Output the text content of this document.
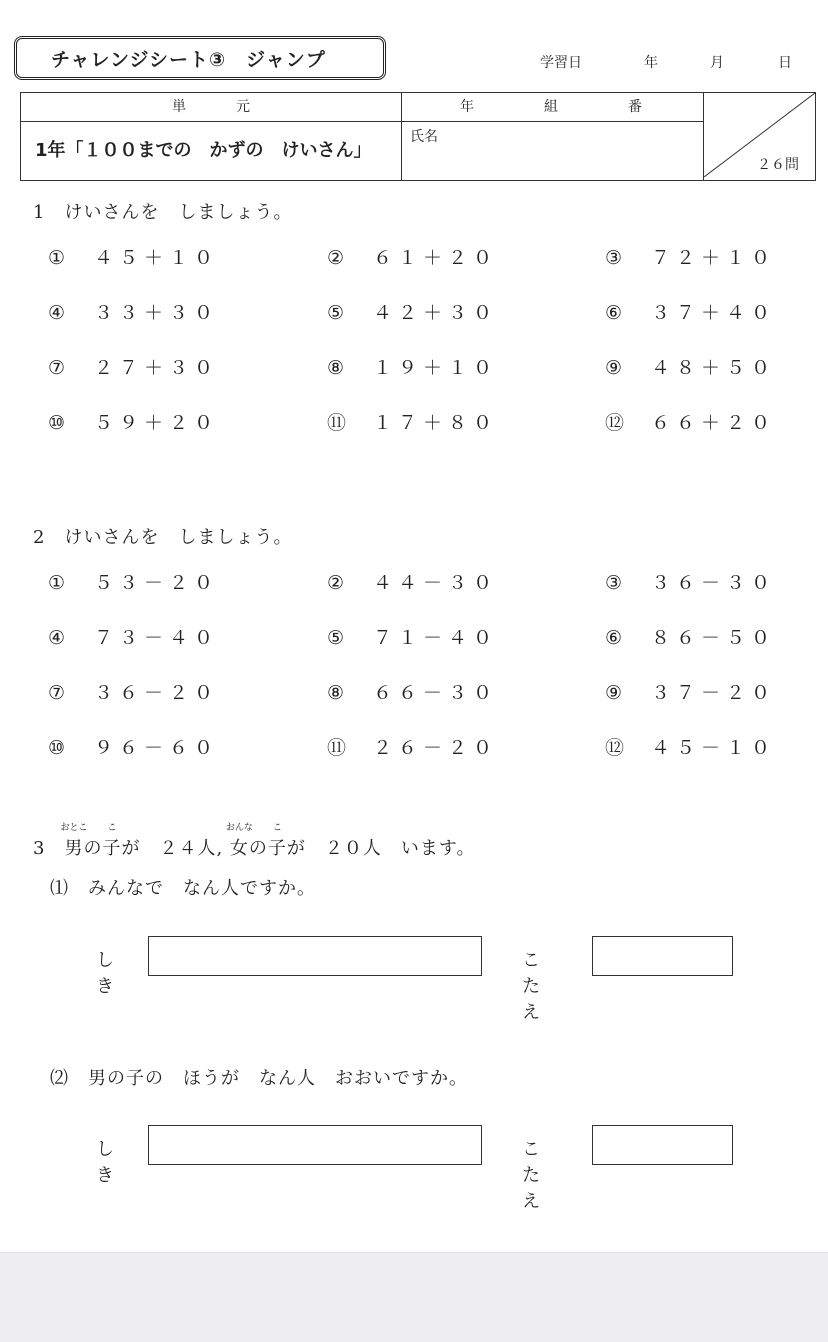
チャレンジシート③　ジャンプ	学習日	年	月	日
単元	年 組 番	２６問

1年「１００までの　かずの　けいさん」	氏名	
1　けいさんを　しましょう。
① ４５＋１０	② ６１＋２０	③ ７２＋１０
④ ３３＋３０	⑤ ４２＋３０	⑥ ３７＋４０
⑦ ２７＋３０	⑧ １９＋１０	⑨ ４８＋５０
⑩ ５９＋２０	⑪ １７＋８０	⑫ ６６＋２０
2　けいさんを　しましょう。
① ５３－２０	② ４４－３０	③ ３６－３０
④ ７３－４０	⑤ ７１－４０	⑥ ８６－５０
⑦ ３６－２０	⑧ ６６－３０	⑨ ３７－２０
⑩ ９６－６０	⑪ ２６－２０	⑫ ４５－１０
3　
おとこ
男の
こ
子が　２４人,
おんな
女の
こ
子が　２０人　います。
⑴　みんなで　なん人ですか。
しき
こたえ
⑵　男の子の　ほうが　なん人　おおいですか。
しき
こたえ
